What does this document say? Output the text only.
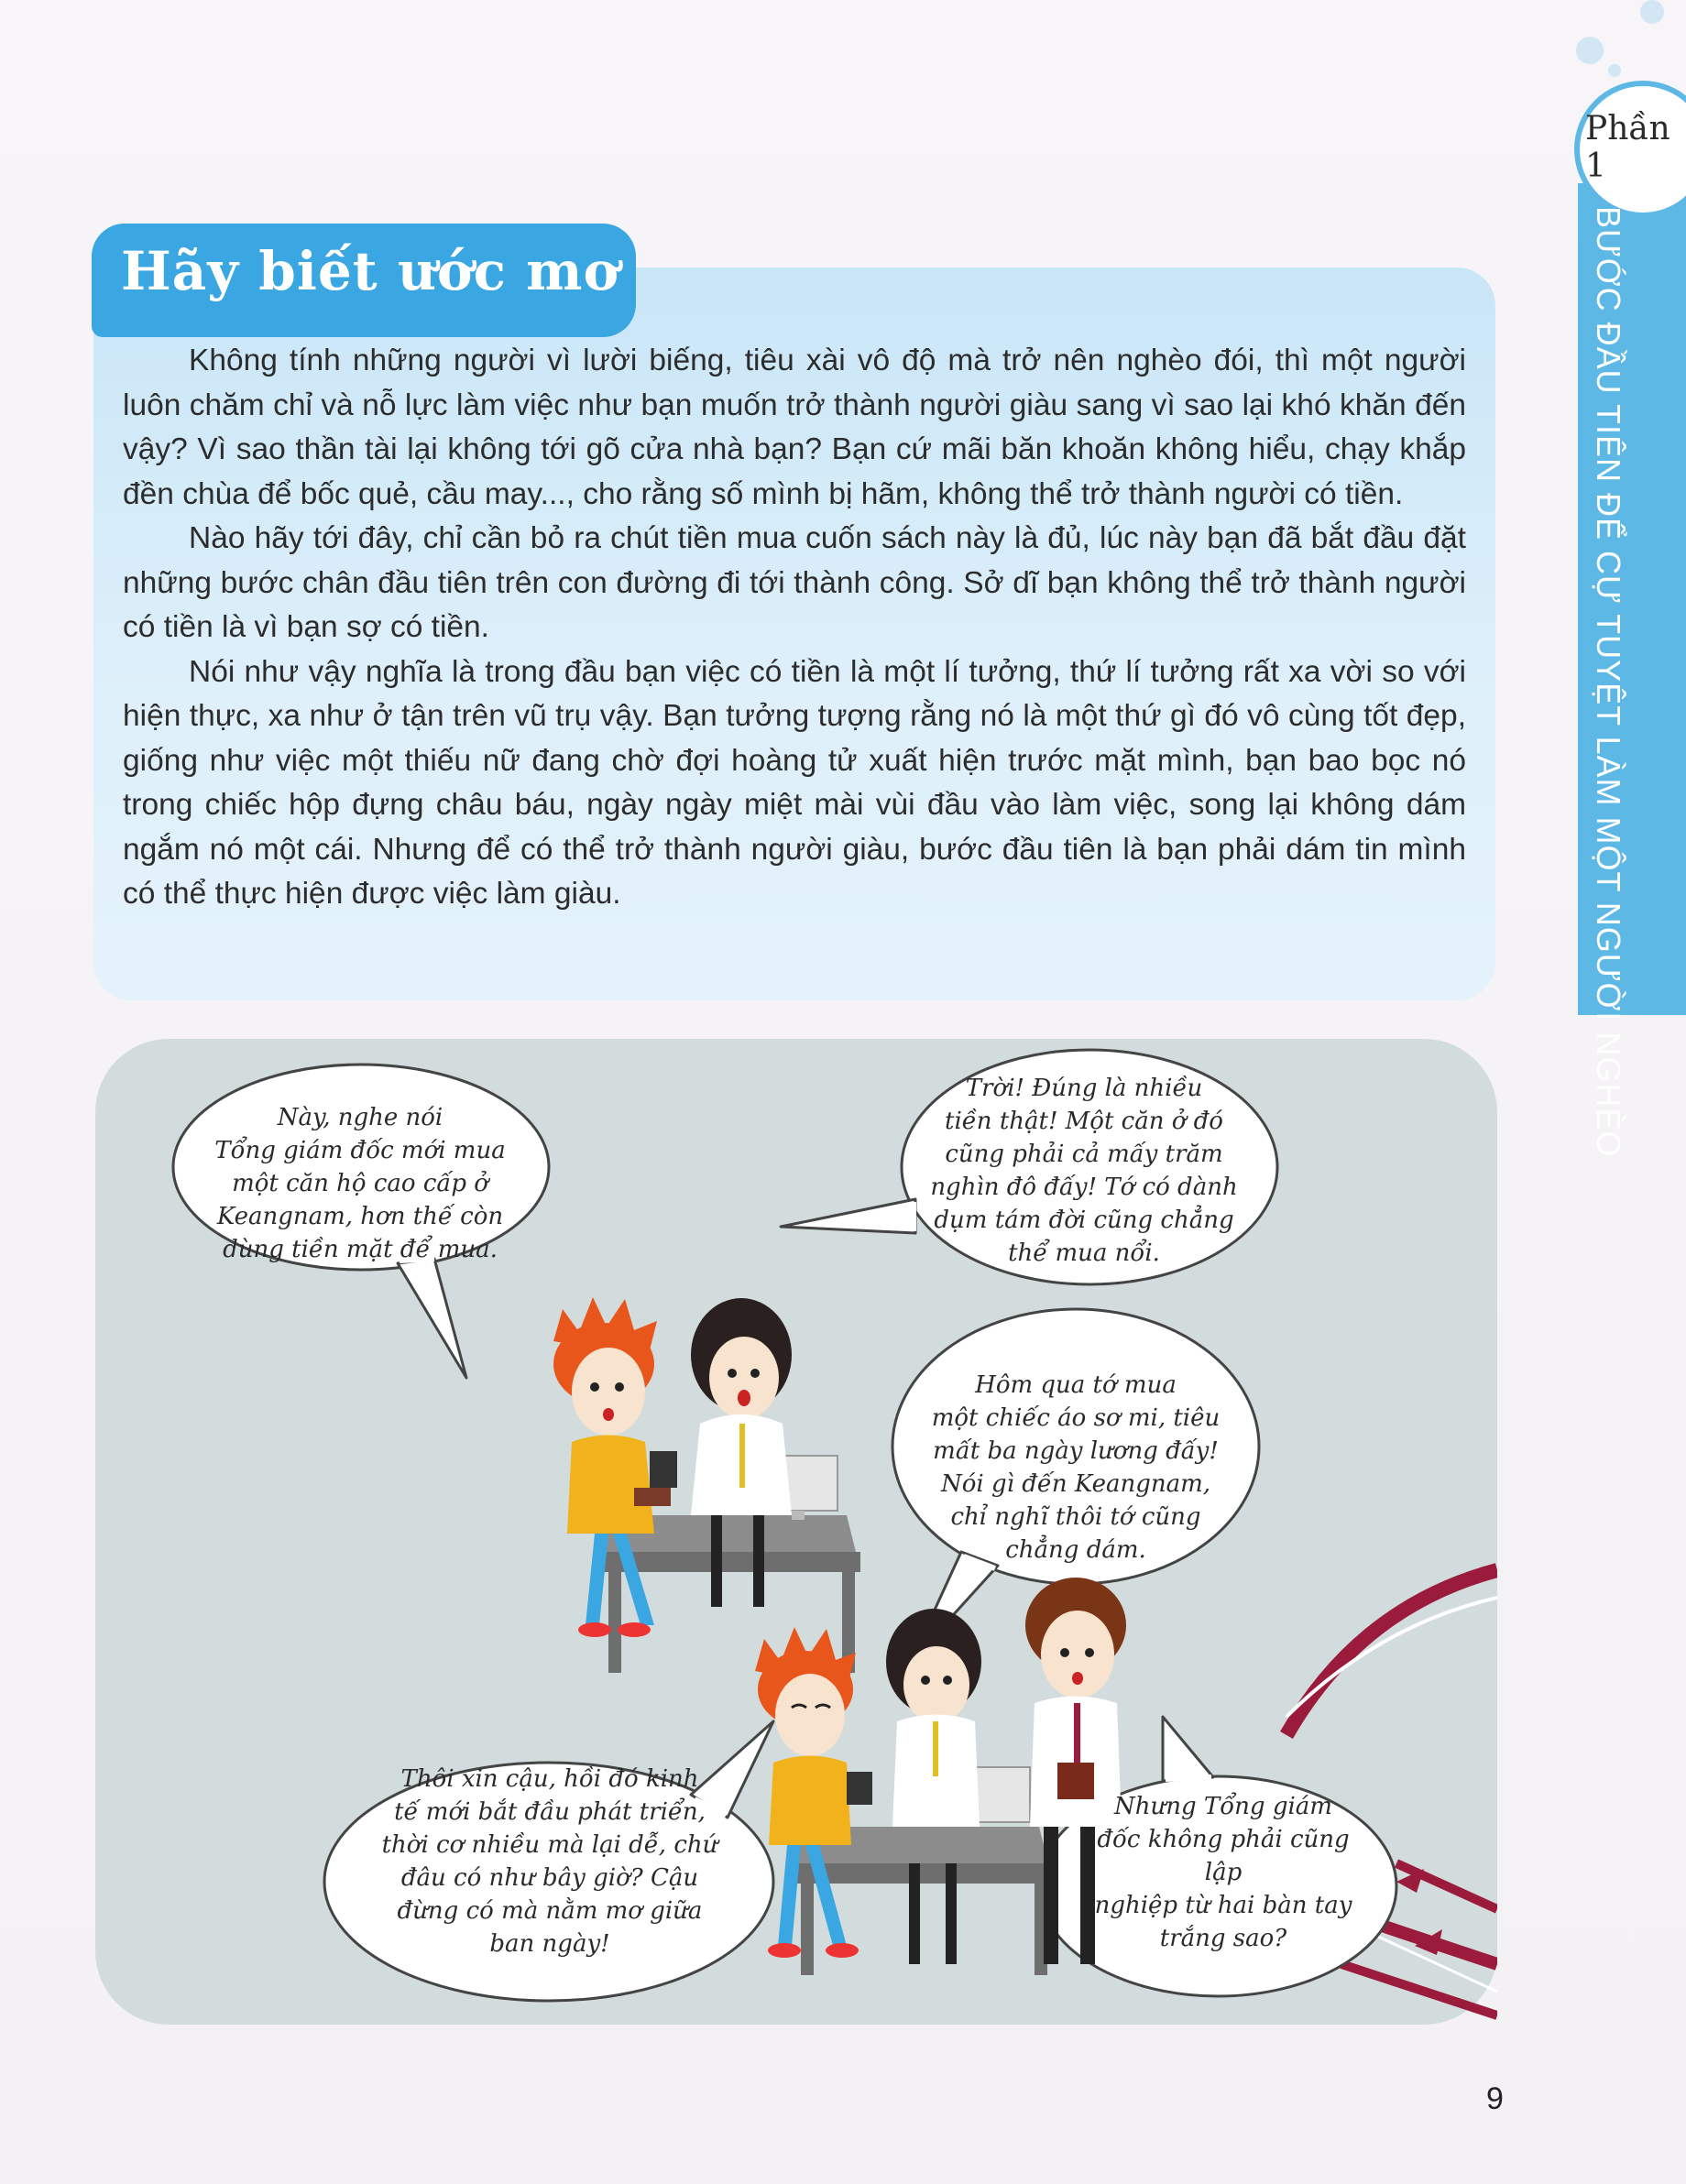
Phần 1
BƯỚC ĐẦU TIÊN ĐỂ CỰ TUYỆT LÀM MỘT NGƯỜI NGHÈO
Hãy biết ước mơ

Không tính những người vì lười biếng, tiêu xài vô độ mà trở nên nghèo đói, thì một người luôn chăm chỉ và nỗ lực làm việc như bạn muốn trở thành người giàu sang vì sao lại khó khăn đến vậy? Vì sao thần tài lại không tới gõ cửa nhà bạn? Bạn cứ mãi băn khoăn không hiểu, chạy khắp đền chùa để bốc quẻ, cầu may..., cho rằng số mình bị hãm, không thể trở thành người có tiền.

Nào hãy tới đây, chỉ cần bỏ ra chút tiền mua cuốn sách này là đủ, lúc này bạn đã bắt đầu đặt những bước chân đầu tiên trên con đường đi tới thành công. Sở dĩ bạn không thể trở thành người có tiền là vì bạn sợ có tiền.

Nói như vậy nghĩa là trong đầu bạn việc có tiền là một lí tưởng, thứ lí tưởng rất xa vời so với hiện thực, xa như ở tận trên vũ trụ vậy. Bạn tưởng tượng rằng nó là một thứ gì đó vô cùng tốt đẹp, giống như việc một thiếu nữ đang chờ đợi hoàng tử xuất hiện trước mặt mình, bạn bao bọc nó trong chiếc hộp đựng châu báu, ngày ngày miệt mài vùi đầu vào làm việc, song lại không dám ngắm nó một cái. Nhưng để có thể trở thành người giàu, bước đầu tiên là bạn phải dám tin mình có thể thực hiện được việc làm giàu.

Này, nghe nói
Tổng giám đốc mới mua
một căn hộ cao cấp ở
Keangnam, hơn thế còn
dùng tiền mặt để mua.
Trời! Đúng là nhiều
tiền thật! Một căn ở đó
cũng phải cả mấy trăm
nghìn đô đấy! Tớ có dành
dụm tám đời cũng chẳng
thể mua nổi.
Hôm qua tớ mua
một chiếc áo sơ mi, tiêu
mất ba ngày lương đấy!
Nói gì đến Keangnam,
chỉ nghĩ thôi tớ cũng
chẳng dám.
Thôi xin cậu, hồi đó kinh
tế mới bắt đầu phát triển,
thời cơ nhiều mà lại dễ, chứ
đâu có như bây giờ? Cậu
đừng có mà nằm mơ giữa
ban ngày!
Nhưng Tổng giám
đốc không phải cũng lập
nghiệp từ hai bàn tay
trắng sao?
9
